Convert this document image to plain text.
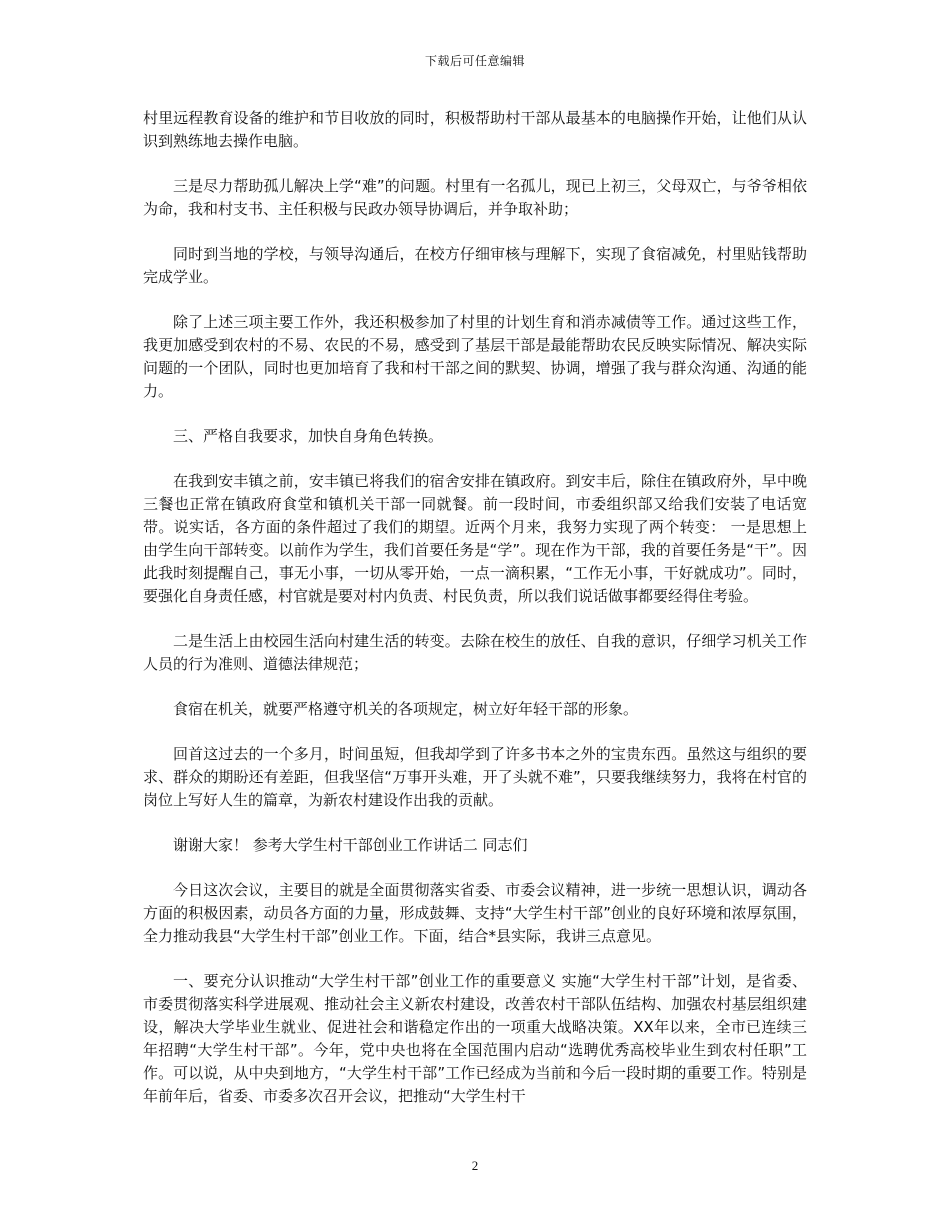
下载后可任意编辑

村里远程教育设备的维护和节目收放的同时，积极帮助村干部从最基本的电脑操作开始，让他们从认识到熟练地去操作电脑。

三是尽力帮助孤儿解决上学“难”的问题。村里有一名孤儿，现已上初三，父母双亡，与爷爷相依为命，我和村支书、主任积极与民政办领导协调后，并争取补助；

同时到当地的学校，与领导沟通后，在校方仔细审核与理解下，实现了食宿减免，村里贴钱帮助完成学业。

除了上述三项主要工作外，我还积极参加了村里的计划生育和消赤减债等工作。通过这些工作，我更加感受到农村的不易、农民的不易，感受到了基层干部是最能帮助农民反映实际情况、解决实际问题的一个团队，同时也更加培育了我和村干部之间的默契、协调，增强了我与群众沟通、沟通的能力。

三、严格自我要求，加快自身角色转换。

在我到安丰镇之前，安丰镇已将我们的宿舍安排在镇政府。到安丰后，除住在镇政府外，早中晚三餐也正常在镇政府食堂和镇机关干部一同就餐。前一段时间，市委组织部又给我们安装了电话宽带。说实话，各方面的条件超过了我们的期望。近两个月来，我努力实现了两个转变： 一是思想上由学生向干部转变。以前作为学生，我们首要任务是“学”。现在作为干部，我的首要任务是“干”。因此我时刻提醒自己，事无小事，一切从零开始，一点一滴积累，“工作无小事，干好就成功”。同时，要强化自身责任感，村官就是要对村内负责、村民负责，所以我们说话做事都要经得住考验。

二是生活上由校园生活向村建生活的转变。去除在校生的放任、自我的意识，仔细学习机关工作人员的行为准则、道德法律规范；

食宿在机关，就要严格遵守机关的各项规定，树立好年轻干部的形象。

回首这过去的一个多月，时间虽短，但我却学到了许多书本之外的宝贵东西。虽然这与组织的要求、群众的期盼还有差距，但我坚信“万事开头难，开了头就不难”，只要我继续努力，我将在村官的岗位上写好人生的篇章，为新农村建设作出我的贡献。

谢谢大家！ 参考大学生村干部创业工作讲话二 同志们

今日这次会议，主要目的就是全面贯彻落实省委、市委会议精神，进一步统一思想认识，调动各方面的积极因素，动员各方面的力量，形成鼓舞、支持“大学生村干部”创业的良好环境和浓厚氛围，全力推动我县“大学生村干部”创业工作。下面，结合*县实际，我讲三点意见。

一、要充分认识推动“大学生村干部”创业工作的重要意义 实施“大学生村干部”计划，是省委、市委贯彻落实科学进展观、推动社会主义新农村建设，改善农村干部队伍结构、加强农村基层组织建设，解决大学毕业生就业、促进社会和谐稳定作出的一项重大战略决策。XX年以来，全市已连续三年招聘“大学生村干部”。今年，党中央也将在全国范围内启动“选聘优秀高校毕业生到农村任职”工作。可以说，从中央到地方，“大学生村干部”工作已经成为当前和今后一段时期的重要工作。特别是年前年后，省委、市委多次召开会议，把推动“大学生村干

2
